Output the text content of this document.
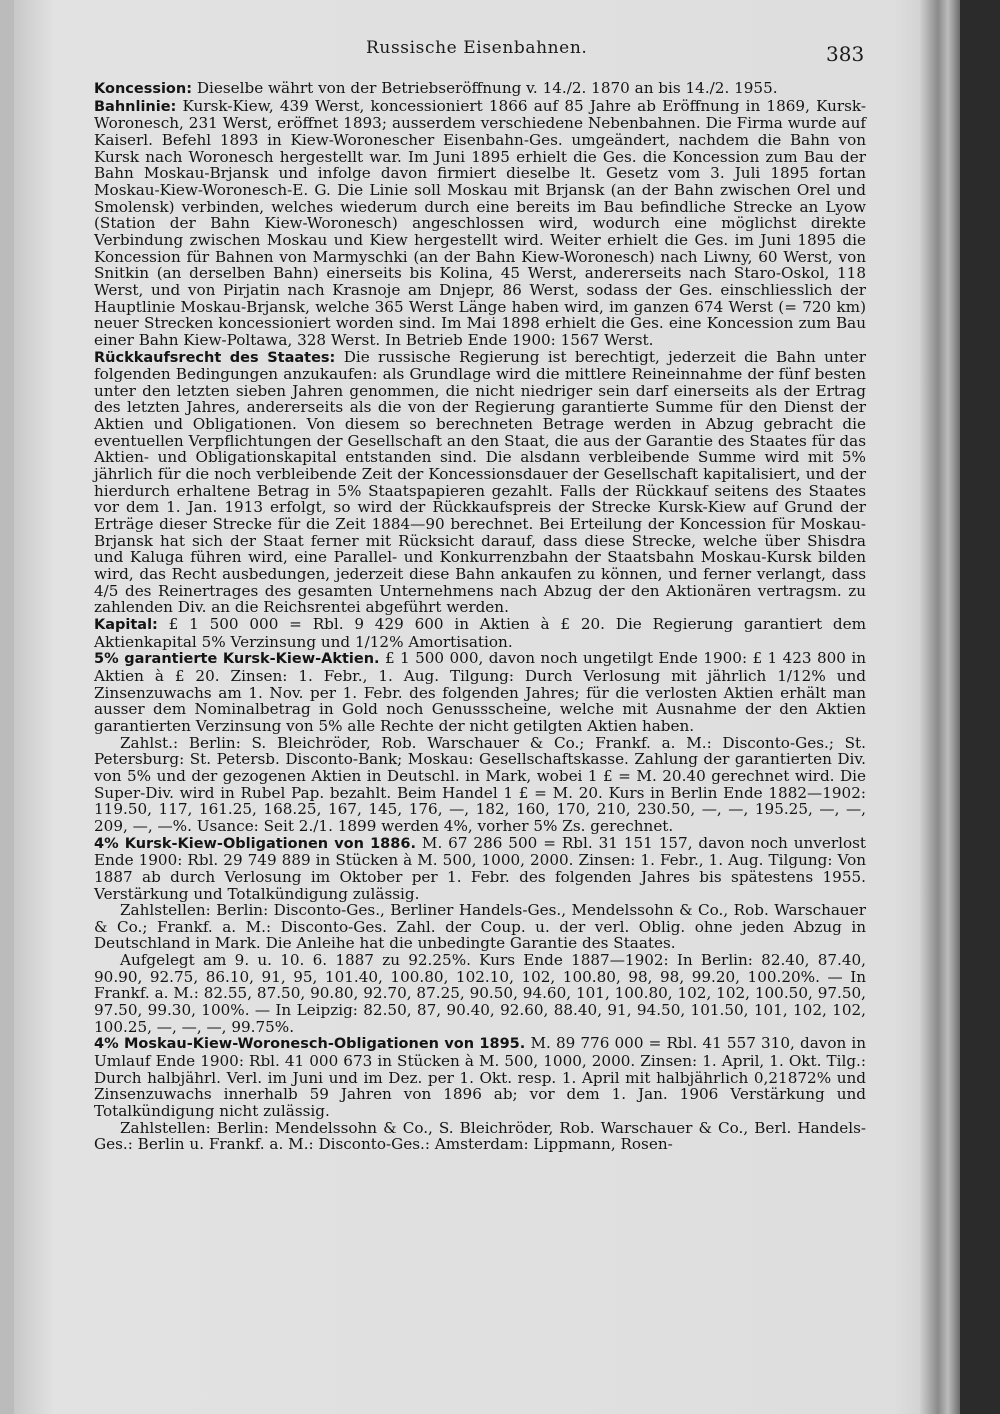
Russische Eisenbahnen.	383

Koncession: Dieselbe währt von der Betriebseröffnung v. 14./2. 1870 an bis 14./2. 1955.

Bahnlinie: Kursk-Kiew, 439 Werst, koncessioniert 1866 auf 85 Jahre ab Eröffnung in 1869, Kursk-Woronesch, 231 Werst, eröffnet 1893; ausserdem verschiedene Nebenbahnen. Die Firma wurde auf Kaiserl. Befehl 1893 in Kiew-Woronescher Eisenbahn-Ges. umgeändert, nachdem die Bahn von Kursk nach Woronesch hergestellt war. Im Juni 1895 erhielt die Ges. die Koncession zum Bau der Bahn Moskau-Brjansk und infolge davon firmiert dieselbe lt. Gesetz vom 3. Juli 1895 fortan Moskau-Kiew-Woronesch-E. G. Die Linie soll Moskau mit Brjansk (an der Bahn zwischen Orel und Smolensk) verbinden, welches wiederum durch eine bereits im Bau befindliche Strecke an Lyow (Station der Bahn Kiew-Woronesch) angeschlossen wird, wodurch eine möglichst direkte Verbindung zwischen Moskau und Kiew hergestellt wird. Weiter erhielt die Ges. im Juni 1895 die Koncession für Bahnen von Marmyschki (an der Bahn Kiew-Woronesch) nach Liwny, 60 Werst, von Snitkin (an derselben Bahn) einerseits bis Kolina, 45 Werst, andererseits nach Staro-Oskol, 118 Werst, und von Pirjatin nach Krasnoje am Dnjepr, 86 Werst, sodass der Ges. einschliesslich der Hauptlinie Moskau-Brjansk, welche 365 Werst Länge haben wird, im ganzen 674 Werst (= 720 km) neuer Strecken koncessioniert worden sind. Im Mai 1898 erhielt die Ges. eine Koncession zum Bau einer Bahn Kiew-Poltawa, 328 Werst. In Betrieb Ende 1900: 1567 Werst.

Rückkaufsrecht des Staates: Die russische Regierung ist berechtigt, jederzeit die Bahn unter folgenden Bedingungen anzukaufen: als Grundlage wird die mittlere Reineinnahme der fünf besten unter den letzten sieben Jahren genommen, die nicht niedriger sein darf einerseits als der Ertrag des letzten Jahres, andererseits als die von der Regierung garantierte Summe für den Dienst der Aktien und Obligationen. Von diesem so berechneten Betrage werden in Abzug gebracht die eventuellen Verpflichtungen der Gesellschaft an den Staat, die aus der Garantie des Staates für das Aktien- und Obligationskapital entstanden sind. Die alsdann verbleibende Summe wird mit 5% jährlich für die noch verbleibende Zeit der Koncessionsdauer der Gesellschaft kapitalisiert, und der hierdurch erhaltene Betrag in 5% Staatspapieren gezahlt. Falls der Rückkauf seitens des Staates vor dem 1. Jan. 1913 erfolgt, so wird der Rückkaufspreis der Strecke Kursk-Kiew auf Grund der Erträge dieser Strecke für die Zeit 1884—90 berechnet. Bei Erteilung der Koncession für Moskau-Brjansk hat sich der Staat ferner mit Rücksicht darauf, dass diese Strecke, welche über Shisdra und Kaluga führen wird, eine Parallel- und Konkurrenzbahn der Staatsbahn Moskau-Kursk bilden wird, das Recht ausbedungen, jederzeit diese Bahn ankaufen zu können, und ferner verlangt, dass 4/5 des Reinertrages des gesamten Unternehmens nach Abzug der den Aktionären vertragsm. zu zahlenden Div. an die Reichsrentei abgeführt werden.

Kapital: £ 1 500 000 = Rbl. 9 429 600 in Aktien à £ 20. Die Regierung garantiert dem Aktienkapital 5% Verzinsung und 1/12% Amortisation.

5% garantierte Kursk-Kiew-Aktien. £ 1 500 000, davon noch ungetilgt Ende 1900: £ 1 423 800 in Aktien à £ 20. Zinsen: 1. Febr., 1. Aug. Tilgung: Durch Verlosung mit jährlich 1/12% und Zinsenzuwachs am 1. Nov. per 1. Febr. des folgenden Jahres; für die verlosten Aktien erhält man ausser dem Nominalbetrag in Gold noch Genussscheine, welche mit Ausnahme der den Aktien garantierten Verzinsung von 5% alle Rechte der nicht getilgten Aktien haben.

Zahlst.: Berlin: S. Bleichröder, Rob. Warschauer & Co.; Frankf. a. M.: Disconto-Ges.; St. Petersburg: St. Petersb. Disconto-Bank; Moskau: Gesellschaftskasse. Zahlung der garantierten Div. von 5% und der gezogenen Aktien in Deutschl. in Mark, wobei 1 £ = M. 20.40 gerechnet wird. Die Super-Div. wird in Rubel Pap. bezahlt. Beim Handel 1 £ = M. 20. Kurs in Berlin Ende 1882—1902: 119.50, 117, 161.25, 168.25, 167, 145, 176, —, 182, 160, 170, 210, 230.50, —, —, 195.25, —, —, 209, —, —%. Usance: Seit 2./1. 1899 werden 4%, vorher 5% Zs. gerechnet.

4% Kursk-Kiew-Obligationen von 1886. M. 67 286 500 = Rbl. 31 151 157, davon noch unverlost Ende 1900: Rbl. 29 749 889 in Stücken à M. 500, 1000, 2000. Zinsen: 1. Febr., 1. Aug. Tilgung: Von 1887 ab durch Verlosung im Oktober per 1. Febr. des folgenden Jahres bis spätestens 1955. Verstärkung und Totalkündigung zulässig.

Zahlstellen: Berlin: Disconto-Ges., Berliner Handels-Ges., Mendelssohn & Co., Rob. Warschauer & Co.; Frankf. a. M.: Disconto-Ges. Zahl. der Coup. u. der verl. Oblig. ohne jeden Abzug in Deutschland in Mark. Die Anleihe hat die unbedingte Garantie des Staates.

Aufgelegt am 9. u. 10. 6. 1887 zu 92.25%. Kurs Ende 1887—1902: In Berlin: 82.40, 87.40, 90.90, 92.75, 86.10, 91, 95, 101.40, 100.80, 102.10, 102, 100.80, 98, 98, 99.20, 100.20%. — In Frankf. a. M.: 82.55, 87.50, 90.80, 92.70, 87.25, 90.50, 94.60, 101, 100.80, 102, 102, 100.50, 97.50, 97.50, 99.30, 100%. — In Leipzig: 82.50, 87, 90.40, 92.60, 88.40, 91, 94.50, 101.50, 101, 102, 102, 100.25, —, —, —, 99.75%.

4% Moskau-Kiew-Woronesch-Obligationen von 1895. M. 89 776 000 = Rbl. 41 557 310, davon in Umlauf Ende 1900: Rbl. 41 000 673 in Stücken à M. 500, 1000, 2000. Zinsen: 1. April, 1. Okt. Tilg.: Durch halbjährl. Verl. im Juni und im Dez. per 1. Okt. resp. 1. April mit halbjährlich 0,21872% und Zinsenzuwachs innerhalb 59 Jahren von 1896 ab; vor dem 1. Jan. 1906 Verstärkung und Totalkündigung nicht zulässig.

Zahlstellen: Berlin: Mendelssohn & Co., S. Bleichröder, Rob. Warschauer & Co., Berl. Handels-Ges.: Berlin u. Frankf. a. M.: Disconto-Ges.: Amsterdam: Lippmann, Rosen-
